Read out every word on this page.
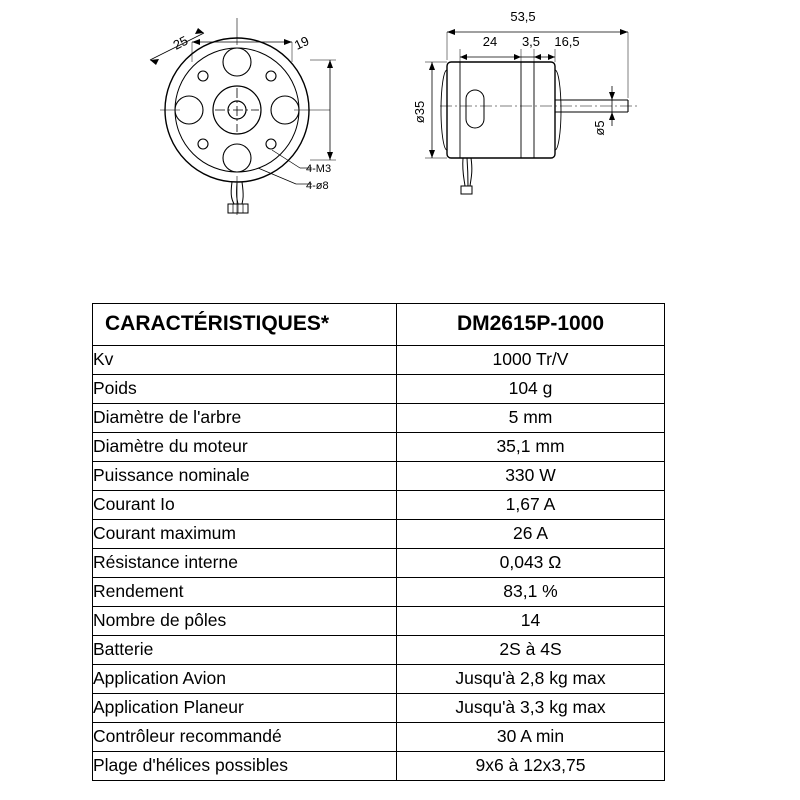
25	19
4-M3
4-ø8
53,5
24 3,5 16,5
ø35
ø5
CARACTÉRISTIQUES*	DM2615P-1000
Kv	1000 Tr/V
Poids	104 g
Diamètre de l'arbre	5 mm
Diamètre du moteur	35,1 mm
Puissance nominale	330 W
Courant Io	1,67 A
Courant maximum	26 A
Résistance interne	0,043 Ω
Rendement	83,1 %
Nombre de pôles	14
Batterie	2S à 4S
Application Avion	Jusqu'à 2,8 kg max
Application Planeur	Jusqu'à 3,3 kg max
Contrôleur recommandé	30 A min
Plage d'hélices possibles	9x6 à 12x3,75
